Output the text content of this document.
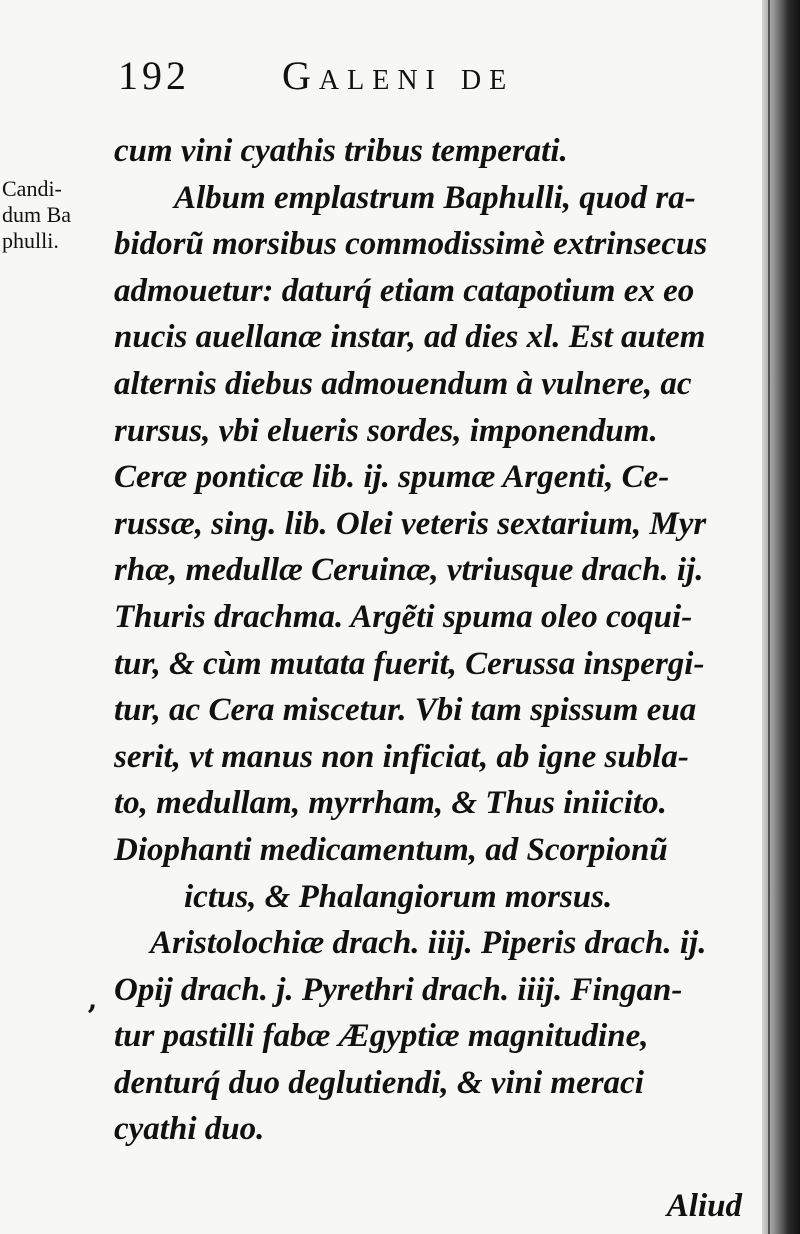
192 Galeni de
Candi-
dum Ba
phulli.
ʼ
cum vini cyathis tribus temperati.
Album emplastrum Baphulli, quod ra-
bidorũ morsibus commodissimè extrinsecus
admouetur: daturq́ etiam catapotium ex eo
nucis auellanæ instar, ad dies xl. Est autem
alternis diebus admouendum à vulnere, ac
rursus, vbi elueris sordes, imponendum.
Ceræ ponticæ lib. ij. spumæ Argenti, Ce-
russæ, sing. lib. Olei veteris sextarium, Myr
rhæ, medullæ Ceruinæ, vtriusque drach. ij.
Thuris drachma. Argẽti spuma oleo coqui-
tur, & cùm mutata fuerit, Cerussa inspergi-
tur, ac Cera miscetur. Vbi tam spissum eua
serit, vt manus non inficiat, ab igne subla-
to, medullam, myrrham, & Thus iniicito.
Diophanti medicamentum, ad Scorpionũ
ictus, & Phalangiorum morsus.
Aristolochiæ drach. iiij. Piperis drach. ij.
Opij drach. j. Pyrethri drach. iiij. Fingan-
tur pastilli fabæ Ægyptiæ magnitudine,
denturq́ duo deglutiendi, & vini meraci
cyathi duo.
Aliud
